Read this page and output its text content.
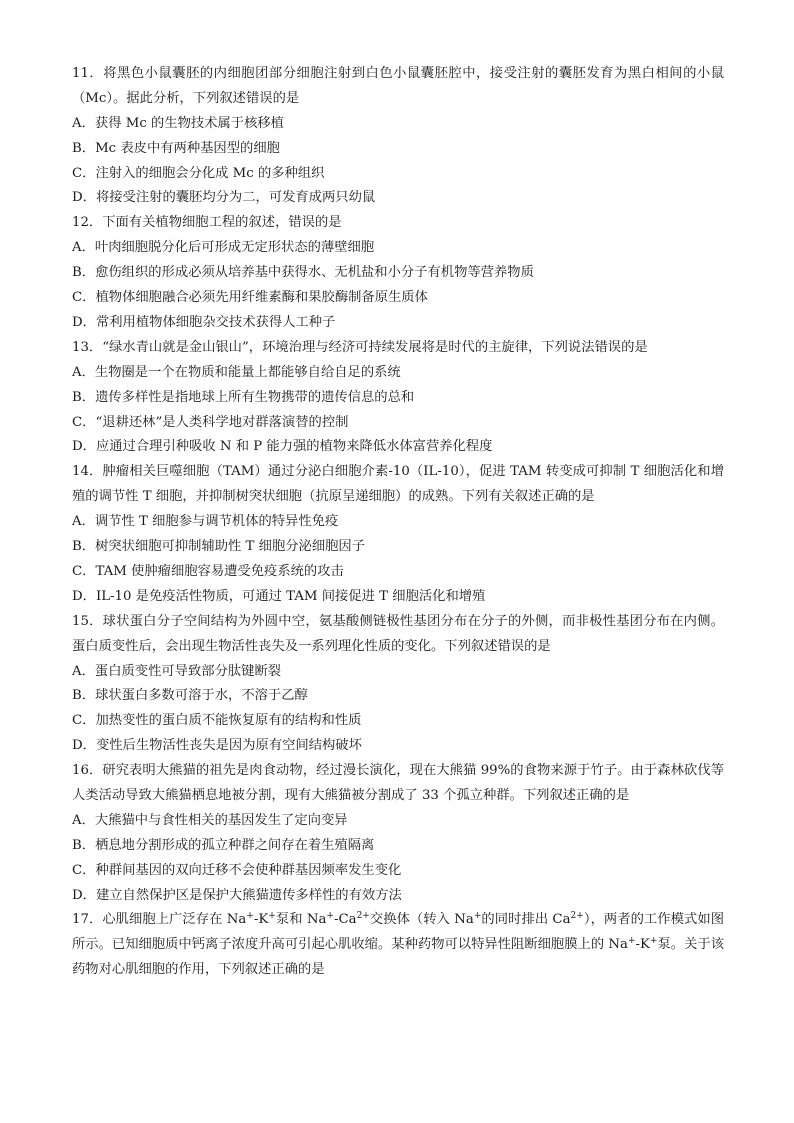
11．将黑色小鼠囊胚的内细胞团部分细胞注射到白色小鼠囊胚腔中，接受注射的囊胚发育为黑白相间的小鼠（Mc）。据此分析，下列叙述错误的是
A．获得 Mc 的生物技术属于核移植
B．Mc 表皮中有两种基因型的细胞
C．注射入的细胞会分化成 Mc 的多种组织
D．将接受注射的囊胚均分为二，可发育成两只幼鼠
12．下面有关植物细胞工程的叙述，错误的是
A．叶肉细胞脱分化后可形成无定形状态的薄壁细胞
B．愈伤组织的形成必须从培养基中获得水、无机盐和小分子有机物等营养物质
C．植物体细胞融合必须先用纤维素酶和果胶酶制备原生质体
D．常利用植物体细胞杂交技术获得人工种子
13．“绿水青山就是金山银山”，环境治理与经济可持续发展将是时代的主旋律，下列说法错误的是
A．生物圈是一个在物质和能量上都能够自给自足的系统
B．遗传多样性是指地球上所有生物携带的遗传信息的总和
C．“退耕还林”是人类科学地对群落演替的控制
D．应通过合理引种吸收 N 和 P 能力强的植物来降低水体富营养化程度
14．肿瘤相关巨噬细胞（TAM）通过分泌白细胞介素-10（IL-10），促进 TAM 转变成可抑制 T 细胞活化和增殖的调节性 T 细胞，并抑制树突状细胞（抗原呈递细胞）的成熟。下列有关叙述正确的是
A．调节性 T 细胞参与调节机体的特异性免疫
B．树突状细胞可抑制辅助性 T 细胞分泌细胞因子
C．TAM 使肿瘤细胞容易遭受免疫系统的攻击
D．IL-10 是免疫活性物质，可通过 TAM 间接促进 T 细胞活化和增殖
15．球状蛋白分子空间结构为外圆中空，氨基酸侧链极性基团分布在分子的外侧，而非极性基团分布在内侧。蛋白质变性后，会出现生物活性丧失及一系列理化性质的变化。下列叙述错误的是
A．蛋白质变性可导致部分肽键断裂
B．球状蛋白多数可溶于水，不溶于乙醇
C．加热变性的蛋白质不能恢复原有的结构和性质
D．变性后生物活性丧失是因为原有空间结构破坏
16．研究表明大熊猫的祖先是肉食动物，经过漫长演化，现在大熊猫 99%的食物来源于竹子。由于森林砍伐等人类活动导致大熊猫栖息地被分割，现有大熊猫被分割成了 33 个孤立种群。下列叙述正确的是
A．大熊猫中与食性相关的基因发生了定向变异
B．栖息地分割形成的孤立种群之间存在着生殖隔离
C．种群间基因的双向迁移不会使种群基因频率发生变化
D．建立自然保护区是保护大熊猫遗传多样性的有效方法
17．心肌细胞上广泛存在 Na+-K+泵和 $Na^+-Ca^{2+}$交换体（转入 Na+的同时排出 $Ca^{2+}$），两者的工作模式如图所示。已知细胞质中钙离子浓度升高可引起心肌收缩。某种药物可以特异性阻断细胞膜上的 Na+-K+泵。关于该药物对心肌细胞的作用，下列叙述正确的是
